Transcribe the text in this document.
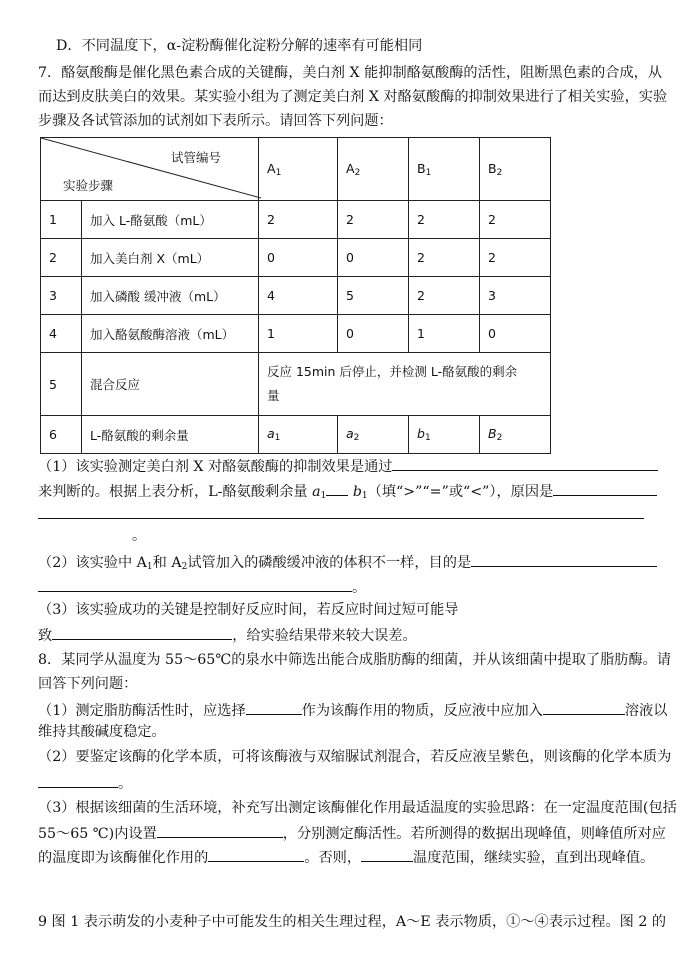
D．不同温度下，α-淀粉酶催化淀粉分解的速率有可能相同
7．酪氨酸酶是催化黑色素合成的关键酶，美白剂 X 能抑制酪氨酸酶的活性，阻断黑色素的合成，从
而达到皮肤美白的效果。某实验小组为了测定美白剂 X 对酪氨酸酶的抑制效果进行了相关实验，实验
步骤及各试管添加的试剂如下表所示。请回答下列问题：
试管编号
实验步骤		$A_1$	$A_2$	$B_1$	$B_2$
1	加入 L-酪氨酸（mL）	2	2	2	2
2	加入美白剂 X（mL）	0	0	2	2
3	加入磷酸 缓冲液（mL）	4	5	2	3
4	加入酪氨酸酶溶液（mL）	1	0	1	0
5	混合反应	反应 15min 后停止，并检测 L-酪氨酸的剩余
量			

6	L-酪氨酸的剩余量	$a_1$	$a_2$	$b_1$	$B_2$
（1）该实验测定美白剂 X 对酪氨酸酶的抑制效果是通过
来判断的。根据上表分析，L-酪氨酸剩余量 $a_1$ $b_1$（填“>”“=”或“<”），原因是
。
（2）该实验中 $A_1$和 $A_2$试管加入的磷酸缓冲液的体积不一样，目的是
。
（3）该实验成功的关键是控制好反应时间，若反应时间过短可能导
致	，给实验结果带来较大误差。
8．某同学从温度为 55～65℃的泉水中筛选出能合成脂肪酶的细菌，并从该细菌中提取了脂肪酶。请
回答下列问题：
（1）测定脂肪酶活性时，应选择	作为该酶作用的物质，反应液中应加入	溶液以
维持其酸碱度稳定。
（2）要鉴定该酶的化学本质，可将该酶液与双缩脲试剂混合，若反应液呈紫色，则该酶的化学本质为
。
（3）根据该细菌的生活环境，补充写出测定该酶催化作用最适温度的实验思路：在一定温度范围(包括
55～65 ℃)内设置	，分别测定酶活性。若所测得的数据出现峰值，则峰值所对应
的温度即为该酶催化作用的	。否则，	温度范围，继续实验，直到出现峰值。
9 图 1 表示萌发的小麦种子中可能发生的相关生理过程，A～E 表示物质，①～④表示过程。图 2 的
